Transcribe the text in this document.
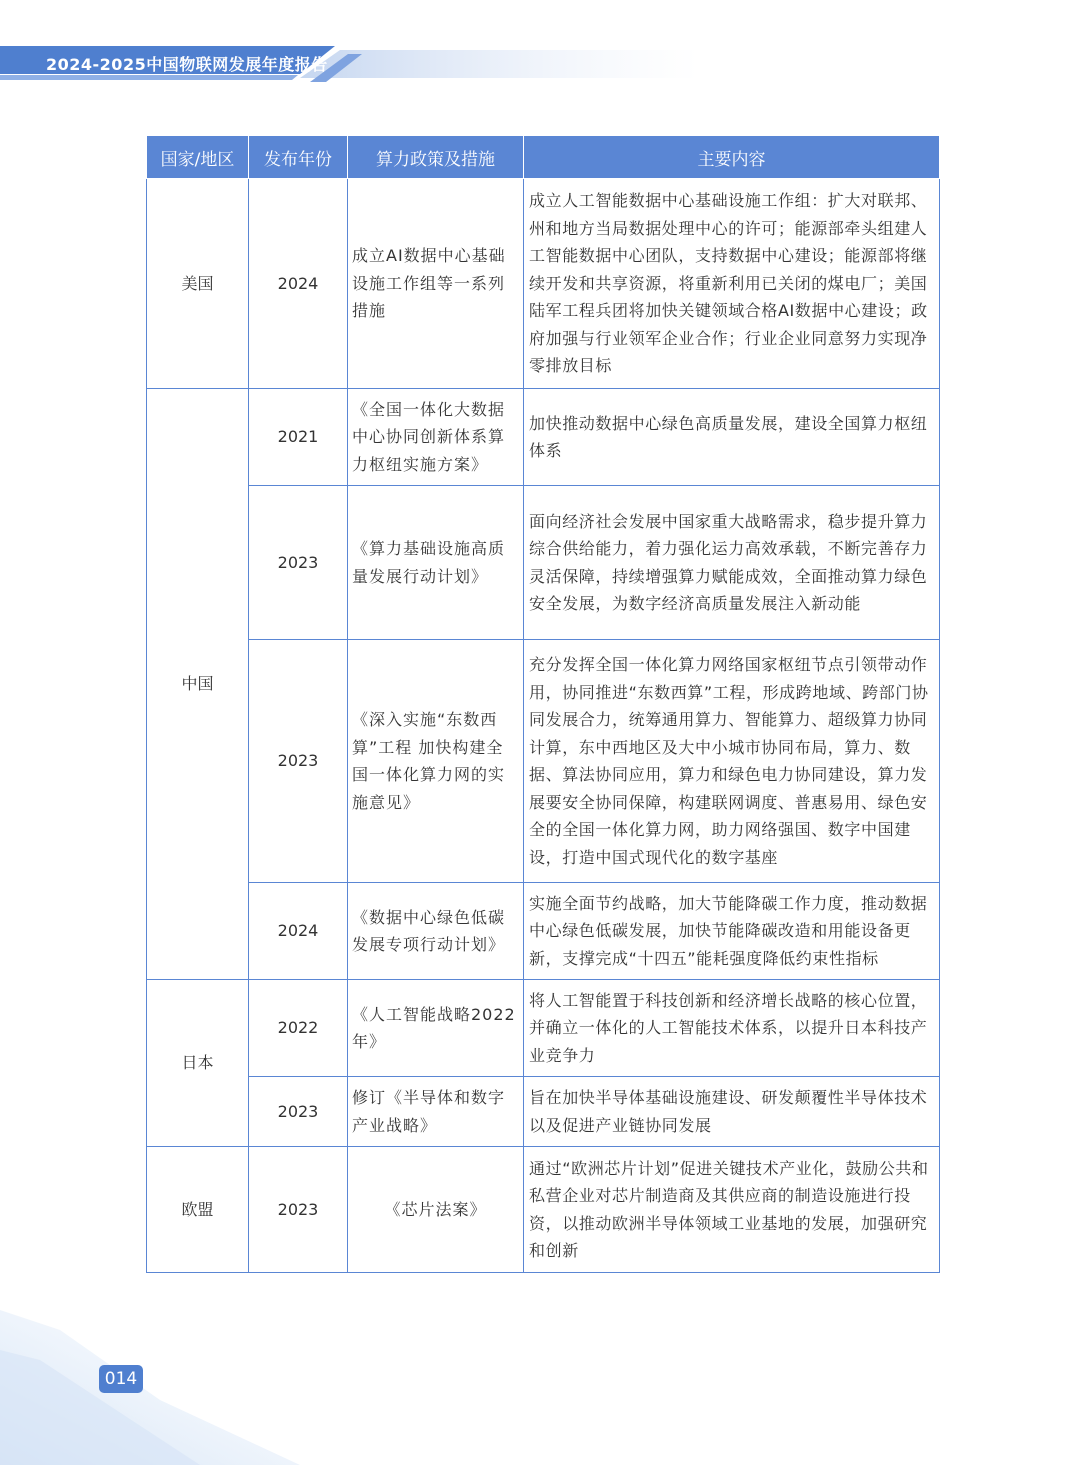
2024-2025中国物联网发展年度报告
国家/地区	发布年份	算力政策及措施	主要内容
美国	2024	成立AI数据中心基础设施工作组等一系列措施	成立人工智能数据中心基础设施工作组：扩大对联邦、州和地方当局数据处理中心的许可；能源部牵头组建人工智能数据中心团队，支持数据中心建设；能源部将继续开发和共享资源，将重新利用已关闭的煤电厂；美国陆军工程兵团将加快关键领域合格AI数据中心建设；政府加强与行业领军企业合作；行业企业同意努力实现净零排放目标
中国	2021	《全国一体化大数据中心协同创新体系算力枢纽实施方案》	加快推动数据中心绿色高质量发展，建设全国算力枢纽体系
	2023	《算力基础设施高质量发展行动计划》	面向经济社会发展中国家重大战略需求，稳步提升算力综合供给能力，着力强化运力高效承载，不断完善存力灵活保障，持续增强算力赋能成效，全面推动算力绿色安全发展，为数字经济高质量发展注入新动能
	2023	《深入实施“东数西算”工程 加快构建全国一体化算力网的实施意见》	充分发挥全国一体化算力网络国家枢纽节点引领带动作用，协同推进“东数西算”工程，形成跨地域、跨部门协同发展合力，统筹通用算力、智能算力、超级算力协同计算，东中西地区及大中小城市协同布局，算力、数据、算法协同应用，算力和绿色电力协同建设，算力发展要安全协同保障，构建联网调度、普惠易用、绿色安全的全国一体化算力网，助力网络强国、数字中国建设，打造中国式现代化的数字基座
	2024	《数据中心绿色低碳发展专项行动计划》	实施全面节约战略，加大节能降碳工作力度，推动数据中心绿色低碳发展，加快节能降碳改造和用能设备更新，支撑完成“十四五”能耗强度降低约束性指标
日本	2022	《人工智能战略2022年》	将人工智能置于科技创新和经济增长战略的核心位置，并确立一体化的人工智能技术体系，以提升日本科技产业竞争力
	2023	修订《半导体和数字产业战略》	旨在加快半导体基础设施建设、研发颠覆性半导体技术以及促进产业链协同发展
欧盟	2023	《芯片法案》	通过“欧洲芯片计划”促进关键技术产业化，鼓励公共和私营企业对芯片制造商及其供应商的制造设施进行投资，以推动欧洲半导体领域工业基地的发展，加强研究和创新
014
